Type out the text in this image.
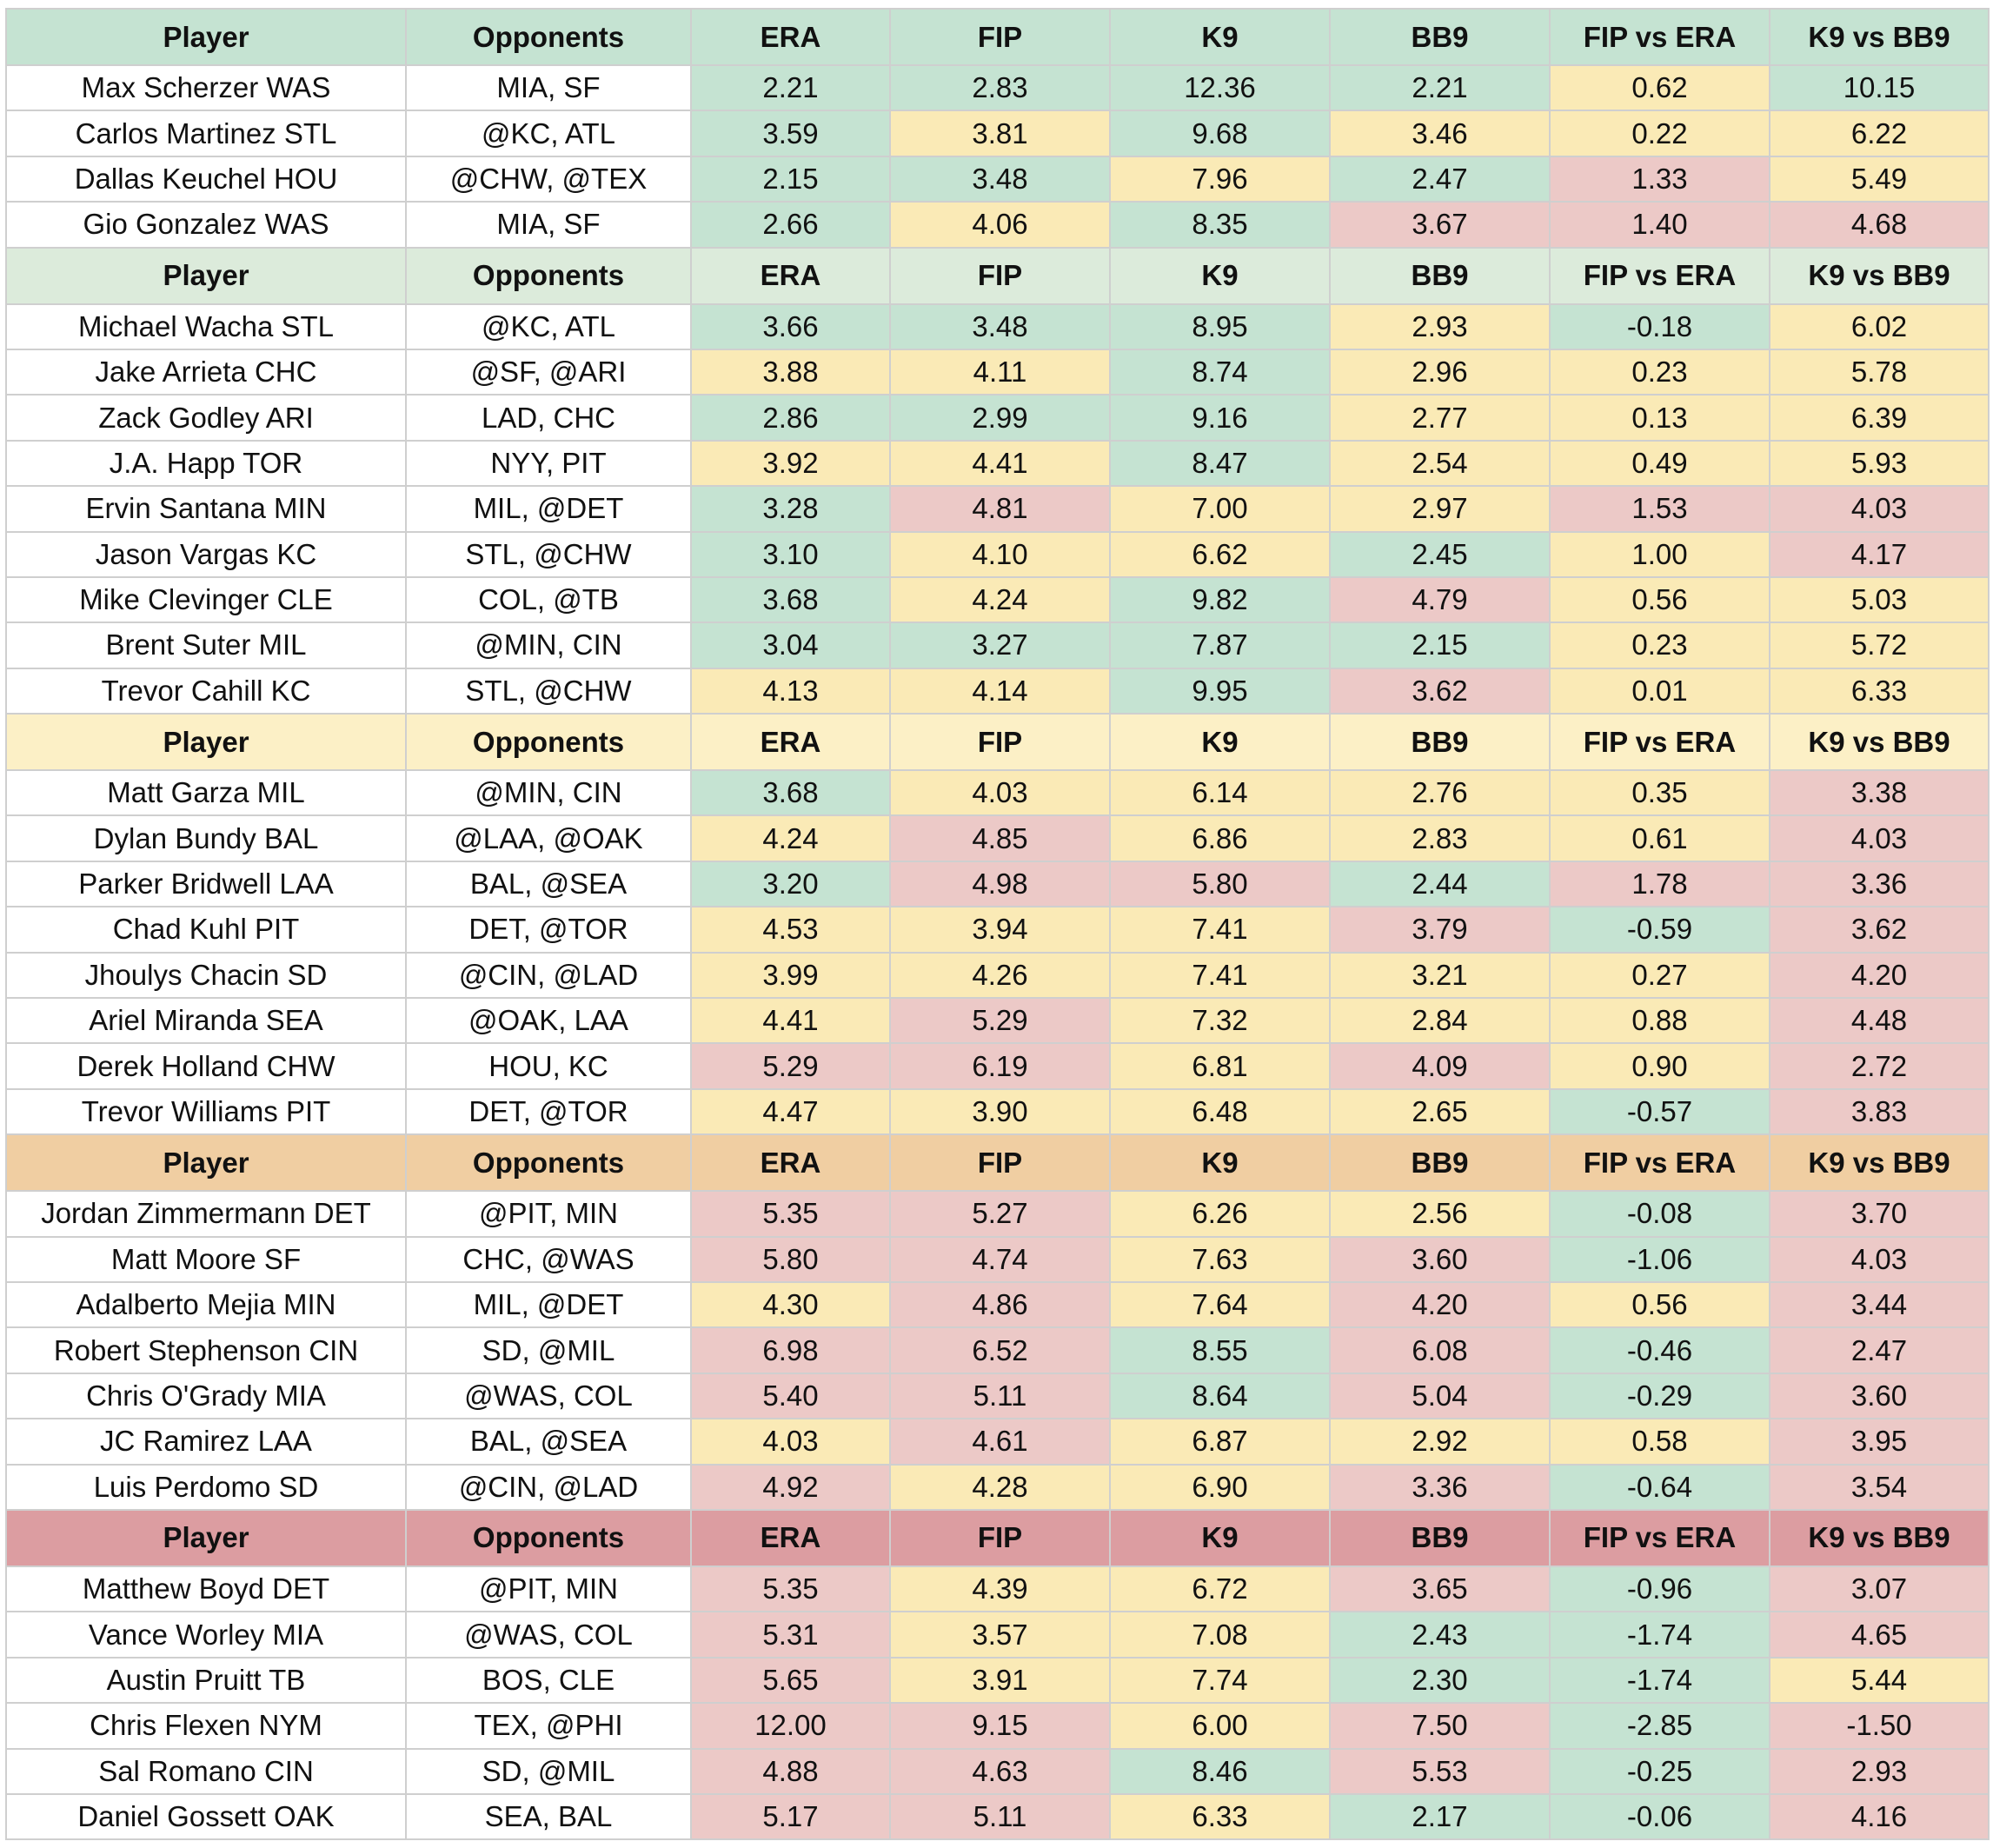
Player	Opponents	ERA	FIP	K9	BB9	FIP vs ERA	K9 vs BB9
Max Scherzer WAS	MIA, SF	2.21	2.83	12.36	2.21	0.62	10.15
Carlos Martinez STL	@KC, ATL	3.59	3.81	9.68	3.46	0.22	6.22
Dallas Keuchel HOU	@CHW, @TEX	2.15	3.48	7.96	2.47	1.33	5.49
Gio Gonzalez WAS	MIA, SF	2.66	4.06	8.35	3.67	1.40	4.68
Player	Opponents	ERA	FIP	K9	BB9	FIP vs ERA	K9 vs BB9
Michael Wacha STL	@KC, ATL	3.66	3.48	8.95	2.93	-0.18	6.02
Jake Arrieta CHC	@SF, @ARI	3.88	4.11	8.74	2.96	0.23	5.78
Zack Godley ARI	LAD, CHC	2.86	2.99	9.16	2.77	0.13	6.39
J.A. Happ TOR	NYY, PIT	3.92	4.41	8.47	2.54	0.49	5.93
Ervin Santana MIN	MIL, @DET	3.28	4.81	7.00	2.97	1.53	4.03
Jason Vargas KC	STL, @CHW	3.10	4.10	6.62	2.45	1.00	4.17
Mike Clevinger CLE	COL, @TB	3.68	4.24	9.82	4.79	0.56	5.03
Brent Suter MIL	@MIN, CIN	3.04	3.27	7.87	2.15	0.23	5.72
Trevor Cahill KC	STL, @CHW	4.13	4.14	9.95	3.62	0.01	6.33
Player	Opponents	ERA	FIP	K9	BB9	FIP vs ERA	K9 vs BB9
Matt Garza MIL	@MIN, CIN	3.68	4.03	6.14	2.76	0.35	3.38
Dylan Bundy BAL	@LAA, @OAK	4.24	4.85	6.86	2.83	0.61	4.03
Parker Bridwell LAA	BAL, @SEA	3.20	4.98	5.80	2.44	1.78	3.36
Chad Kuhl PIT	DET, @TOR	4.53	3.94	7.41	3.79	-0.59	3.62
Jhoulys Chacin SD	@CIN, @LAD	3.99	4.26	7.41	3.21	0.27	4.20
Ariel Miranda SEA	@OAK, LAA	4.41	5.29	7.32	2.84	0.88	4.48
Derek Holland CHW	HOU, KC	5.29	6.19	6.81	4.09	0.90	2.72
Trevor Williams PIT	DET, @TOR	4.47	3.90	6.48	2.65	-0.57	3.83
Player	Opponents	ERA	FIP	K9	BB9	FIP vs ERA	K9 vs BB9
Jordan Zimmermann DET	@PIT, MIN	5.35	5.27	6.26	2.56	-0.08	3.70
Matt Moore SF	CHC, @WAS	5.80	4.74	7.63	3.60	-1.06	4.03
Adalberto Mejia MIN	MIL, @DET	4.30	4.86	7.64	4.20	0.56	3.44
Robert Stephenson CIN	SD, @MIL	6.98	6.52	8.55	6.08	-0.46	2.47
Chris O'Grady MIA	@WAS, COL	5.40	5.11	8.64	5.04	-0.29	3.60
JC Ramirez LAA	BAL, @SEA	4.03	4.61	6.87	2.92	0.58	3.95
Luis Perdomo SD	@CIN, @LAD	4.92	4.28	6.90	3.36	-0.64	3.54
Player	Opponents	ERA	FIP	K9	BB9	FIP vs ERA	K9 vs BB9
Matthew Boyd DET	@PIT, MIN	5.35	4.39	6.72	3.65	-0.96	3.07
Vance Worley MIA	@WAS, COL	5.31	3.57	7.08	2.43	-1.74	4.65
Austin Pruitt TB	BOS, CLE	5.65	3.91	7.74	2.30	-1.74	5.44
Chris Flexen NYM	TEX, @PHI	12.00	9.15	6.00	7.50	-2.85	-1.50
Sal Romano CIN	SD, @MIL	4.88	4.63	8.46	5.53	-0.25	2.93
Daniel Gossett OAK	SEA, BAL	5.17	5.11	6.33	2.17	-0.06	4.16
